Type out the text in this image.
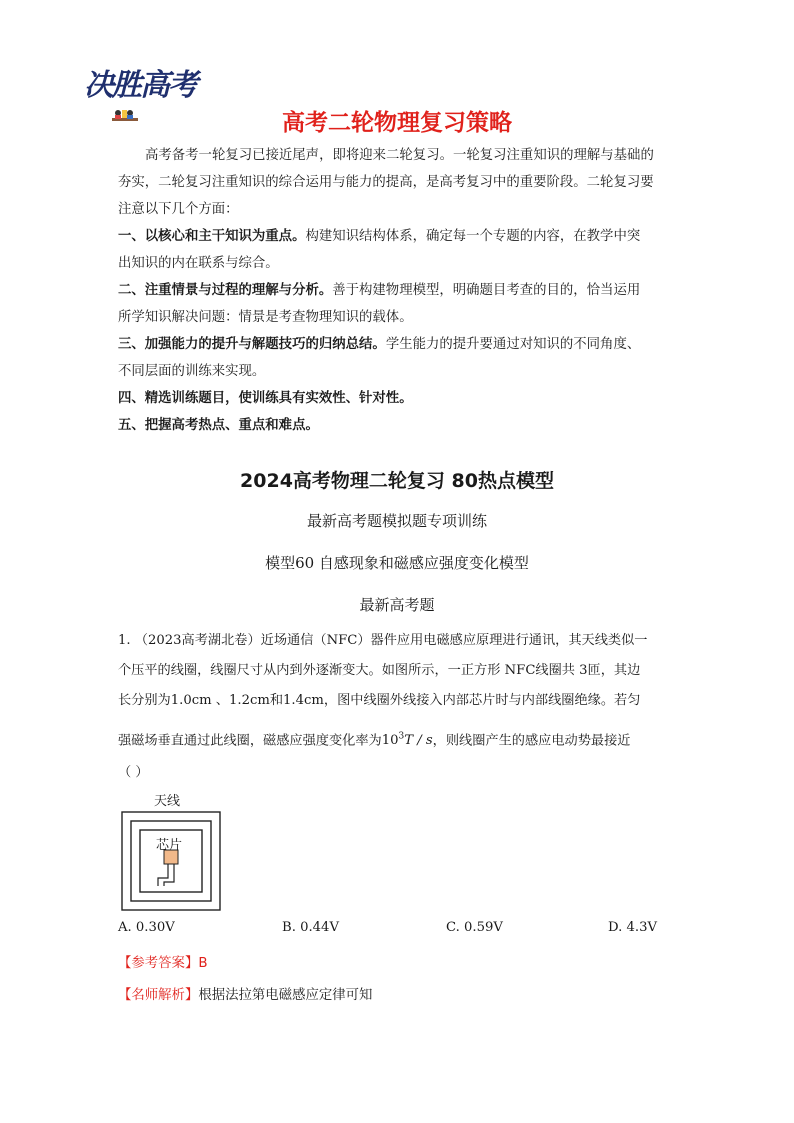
决胜高考
高考二轮物理复习策略

高考备考一轮复习已接近尾声，即将迎来二轮复习。一轮复习注重知识的理解与基础的

夯实，二轮复习注重知识的综合运用与能力的提高，是高考复习中的重要阶段。二轮复习要

注意以下几个方面：

一、以核心和主干知识为重点。构建知识结构体系，确定每一个专题的内容，在教学中突

出知识的内在联系与综合。

二、注重情景与过程的理解与分析。善于构建物理模型，明确题目考查的目的，恰当运用

所学知识解决问题：情景是考查物理知识的载体。

三、加强能力的提升与解题技巧的归纳总结。学生能力的提升要通过对知识的不同角度、

不同层面的训练来实现。

四、精选训练题目，使训练具有实效性、针对性。

五、把握高考热点、重点和难点。

2024高考物理二轮复习 80热点模型
最新高考题模拟题专项训练
模型60 自感现象和磁感应强度变化模型
最新高考题
1. （2023高考湖北卷）近场通信（NFC）器件应用电磁感应原理进行通讯，其天线类似一
个压平的线圈，线圈尺寸从内到外逐渐变大。如图所示，一正方形 NFC线圈共 3匝，其边
长分别为1.0cm 、1.2cm和1.4cm，图中线圈外线接入内部芯片时与内部线圈绝缘。若匀
强磁场垂直通过此线圈，磁感应强度变化率为$10^3T$ / s，则线圈产生的感应电动势最接近
（ ）
天线
芯片
A. 0.30V	B. 0.44V	C. 0.59V	D. 4.3V
【参考答案】B
【名师解析】根据法拉第电磁感应定律可知
